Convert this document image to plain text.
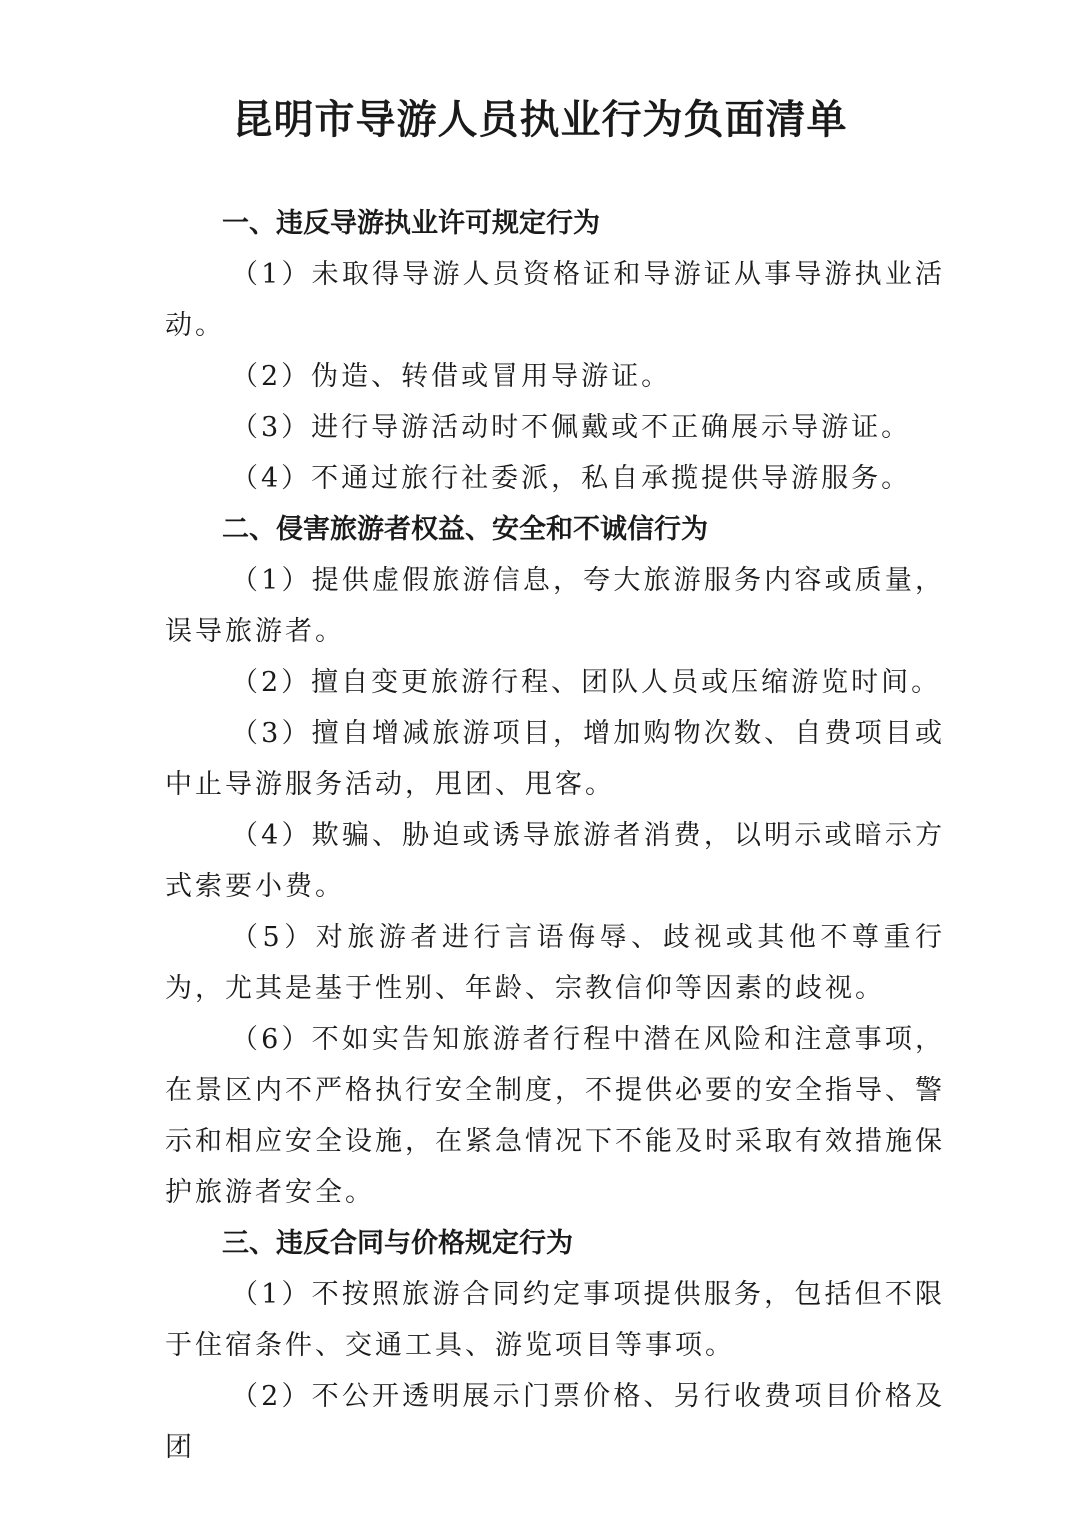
昆明市导游人员执业行为负面清单

一、违反导游执业许可规定行为

（1）未取得导游人员资格证和导游证从事导游执业活动。

（2）伪造、转借或冒用导游证。

（3）进行导游活动时不佩戴或不正确展示导游证。

（4）不通过旅行社委派，私自承揽提供导游服务。

二、侵害旅游者权益、安全和不诚信行为

（1）提供虚假旅游信息，夸大旅游服务内容或质量，误导旅游者。

（2）擅自变更旅游行程、团队人员或压缩游览时间。

（3）擅自增减旅游项目，增加购物次数、自费项目或中止导游服务活动，甩团、甩客。

（4）欺骗、胁迫或诱导旅游者消费，以明示或暗示方式索要小费。

（5）对旅游者进行言语侮辱、歧视或其他不尊重行为，尤其是基于性别、年龄、宗教信仰等因素的歧视。

（6）不如实告知旅游者行程中潜在风险和注意事项，在景区内不严格执行安全制度，不提供必要的安全指导、警示和相应安全设施，在紧急情况下不能及时采取有效措施保护旅游者安全。

三、违反合同与价格规定行为

（1）不按照旅游合同约定事项提供服务，包括但不限于住宿条件、交通工具、游览项目等事项。

（2）不公开透明展示门票价格、另行收费项目价格及团
